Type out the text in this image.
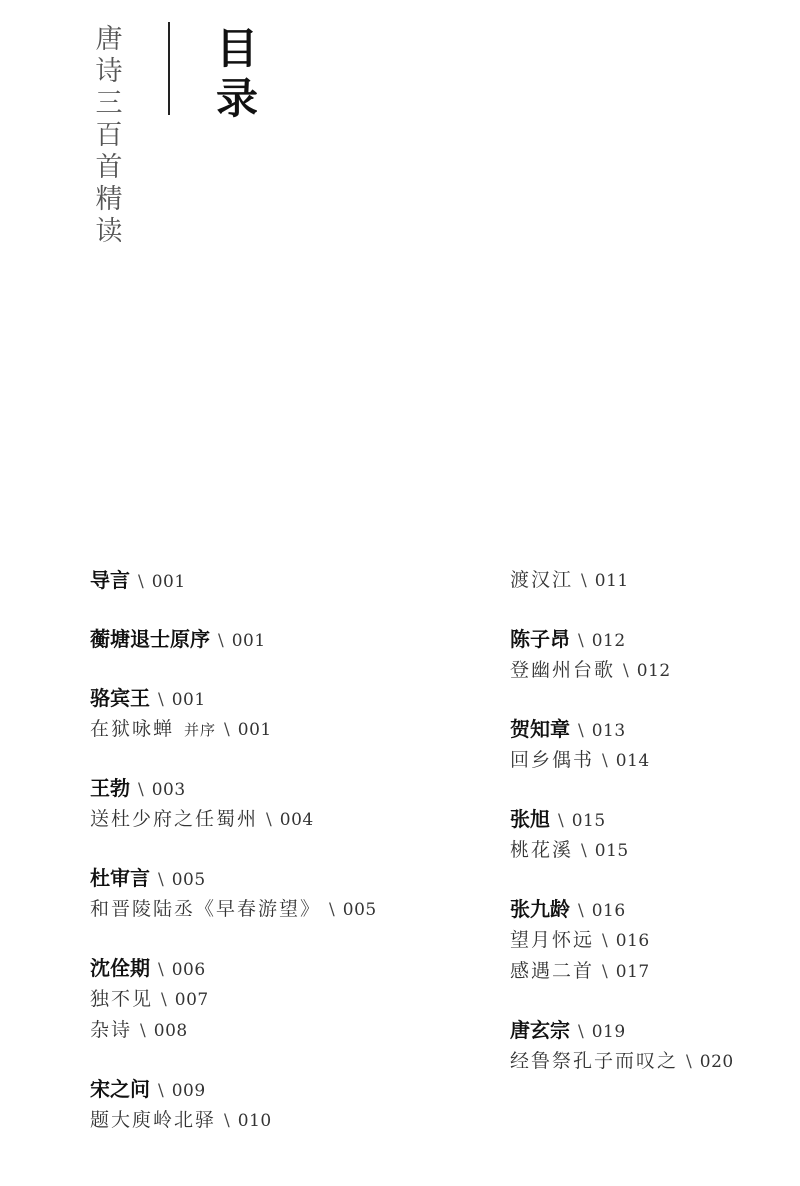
唐
诗
三
百
首
精
读
目
录
导言 \ 001
蘅塘退士原序 \ 001
骆宾王 \ 001
在狱咏蝉 并序 \ 001
王勃 \ 003
送杜少府之任蜀州 \ 004
杜审言 \ 005
和晋陵陆丞《早春游望》 \ 005
沈佺期 \ 006
独不见 \ 007
杂诗 \ 008
宋之问 \ 009
题大庾岭北驿 \ 010
渡汉江 \ 011
陈子昂 \ 012
登幽州台歌 \ 012
贺知章 \ 013
回乡偶书 \ 014
张旭 \ 015
桃花溪 \ 015
张九龄 \ 016
望月怀远 \ 016
感遇二首 \ 017
唐玄宗 \ 019
经鲁祭孔子而叹之 \ 020
